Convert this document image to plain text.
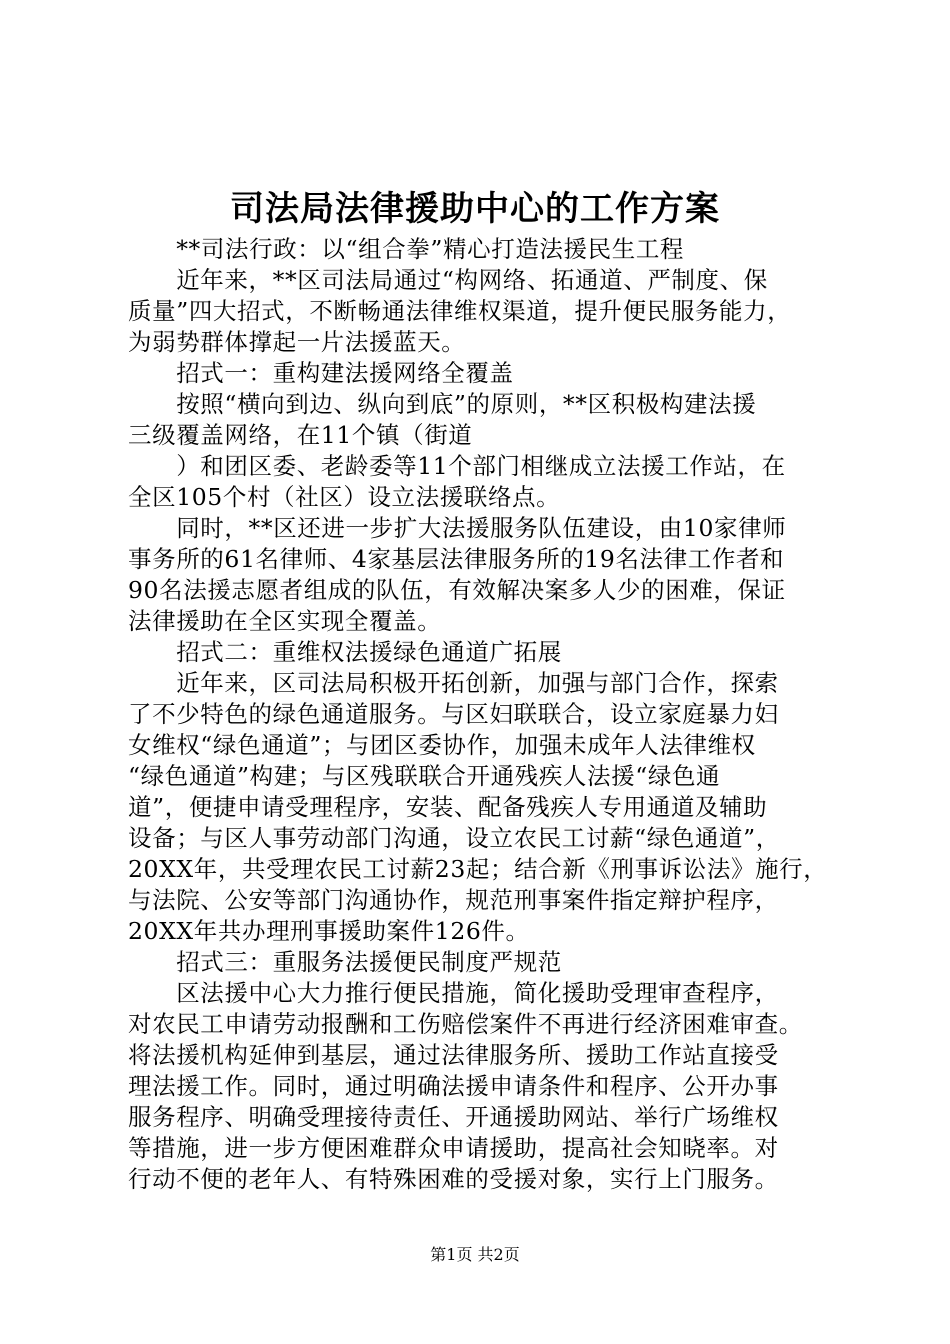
司法局法律援助中心的工作方案
　　**司法行政：以“组合拳”精心打造法援民生工程
　　近年来，**区司法局通过“构网络、拓通道、严制度、保
质量”四大招式，不断畅通法律维权渠道，提升便民服务能力，
为弱势群体撑起一片法援蓝天。
　　招式一：重构建法援网络全覆盖
　　按照“横向到边、纵向到底”的原则，**区积极构建法援
三级覆盖网络，在11个镇（街道
　　）和团区委、老龄委等11个部门相继成立法援工作站，在
全区105个村（社区）设立法援联络点。
　　同时，**区还进一步扩大法援服务队伍建设，由10家律师
事务所的61名律师、4家基层法律服务所的19名法律工作者和
90名法援志愿者组成的队伍，有效解决案多人少的困难，保证
法律援助在全区实现全覆盖。
　　招式二：重维权法援绿色通道广拓展
　　近年来，区司法局积极开拓创新，加强与部门合作，探索
了不少特色的绿色通道服务。与区妇联联合，设立家庭暴力妇
女维权“绿色通道”；与团区委协作，加强未成年人法律维权
“绿色通道”构建；与区残联联合开通残疾人法援“绿色通
道”，便捷申请受理程序，安装、配备残疾人专用通道及辅助
设备；与区人事劳动部门沟通，设立农民工讨薪“绿色通道”，
20XX年，共受理农民工讨薪23起；结合新《刑事诉讼法》施行，
与法院、公安等部门沟通协作，规范刑事案件指定辩护程序，
20XX年共办理刑事援助案件126件。
　　招式三：重服务法援便民制度严规范
　　区法援中心大力推行便民措施，简化援助受理审查程序，
对农民工申请劳动报酬和工伤赔偿案件不再进行经济困难审查。
将法援机构延伸到基层，通过法律服务所、援助工作站直接受
理法援工作。同时，通过明确法援申请条件和程序、公开办事
服务程序、明确受理接待责任、开通援助网站、举行广场维权
等措施，进一步方便困难群众申请援助，提高社会知晓率。对
行动不便的老年人、有特殊困难的受援对象，实行上门服务。
第1页 共2页
